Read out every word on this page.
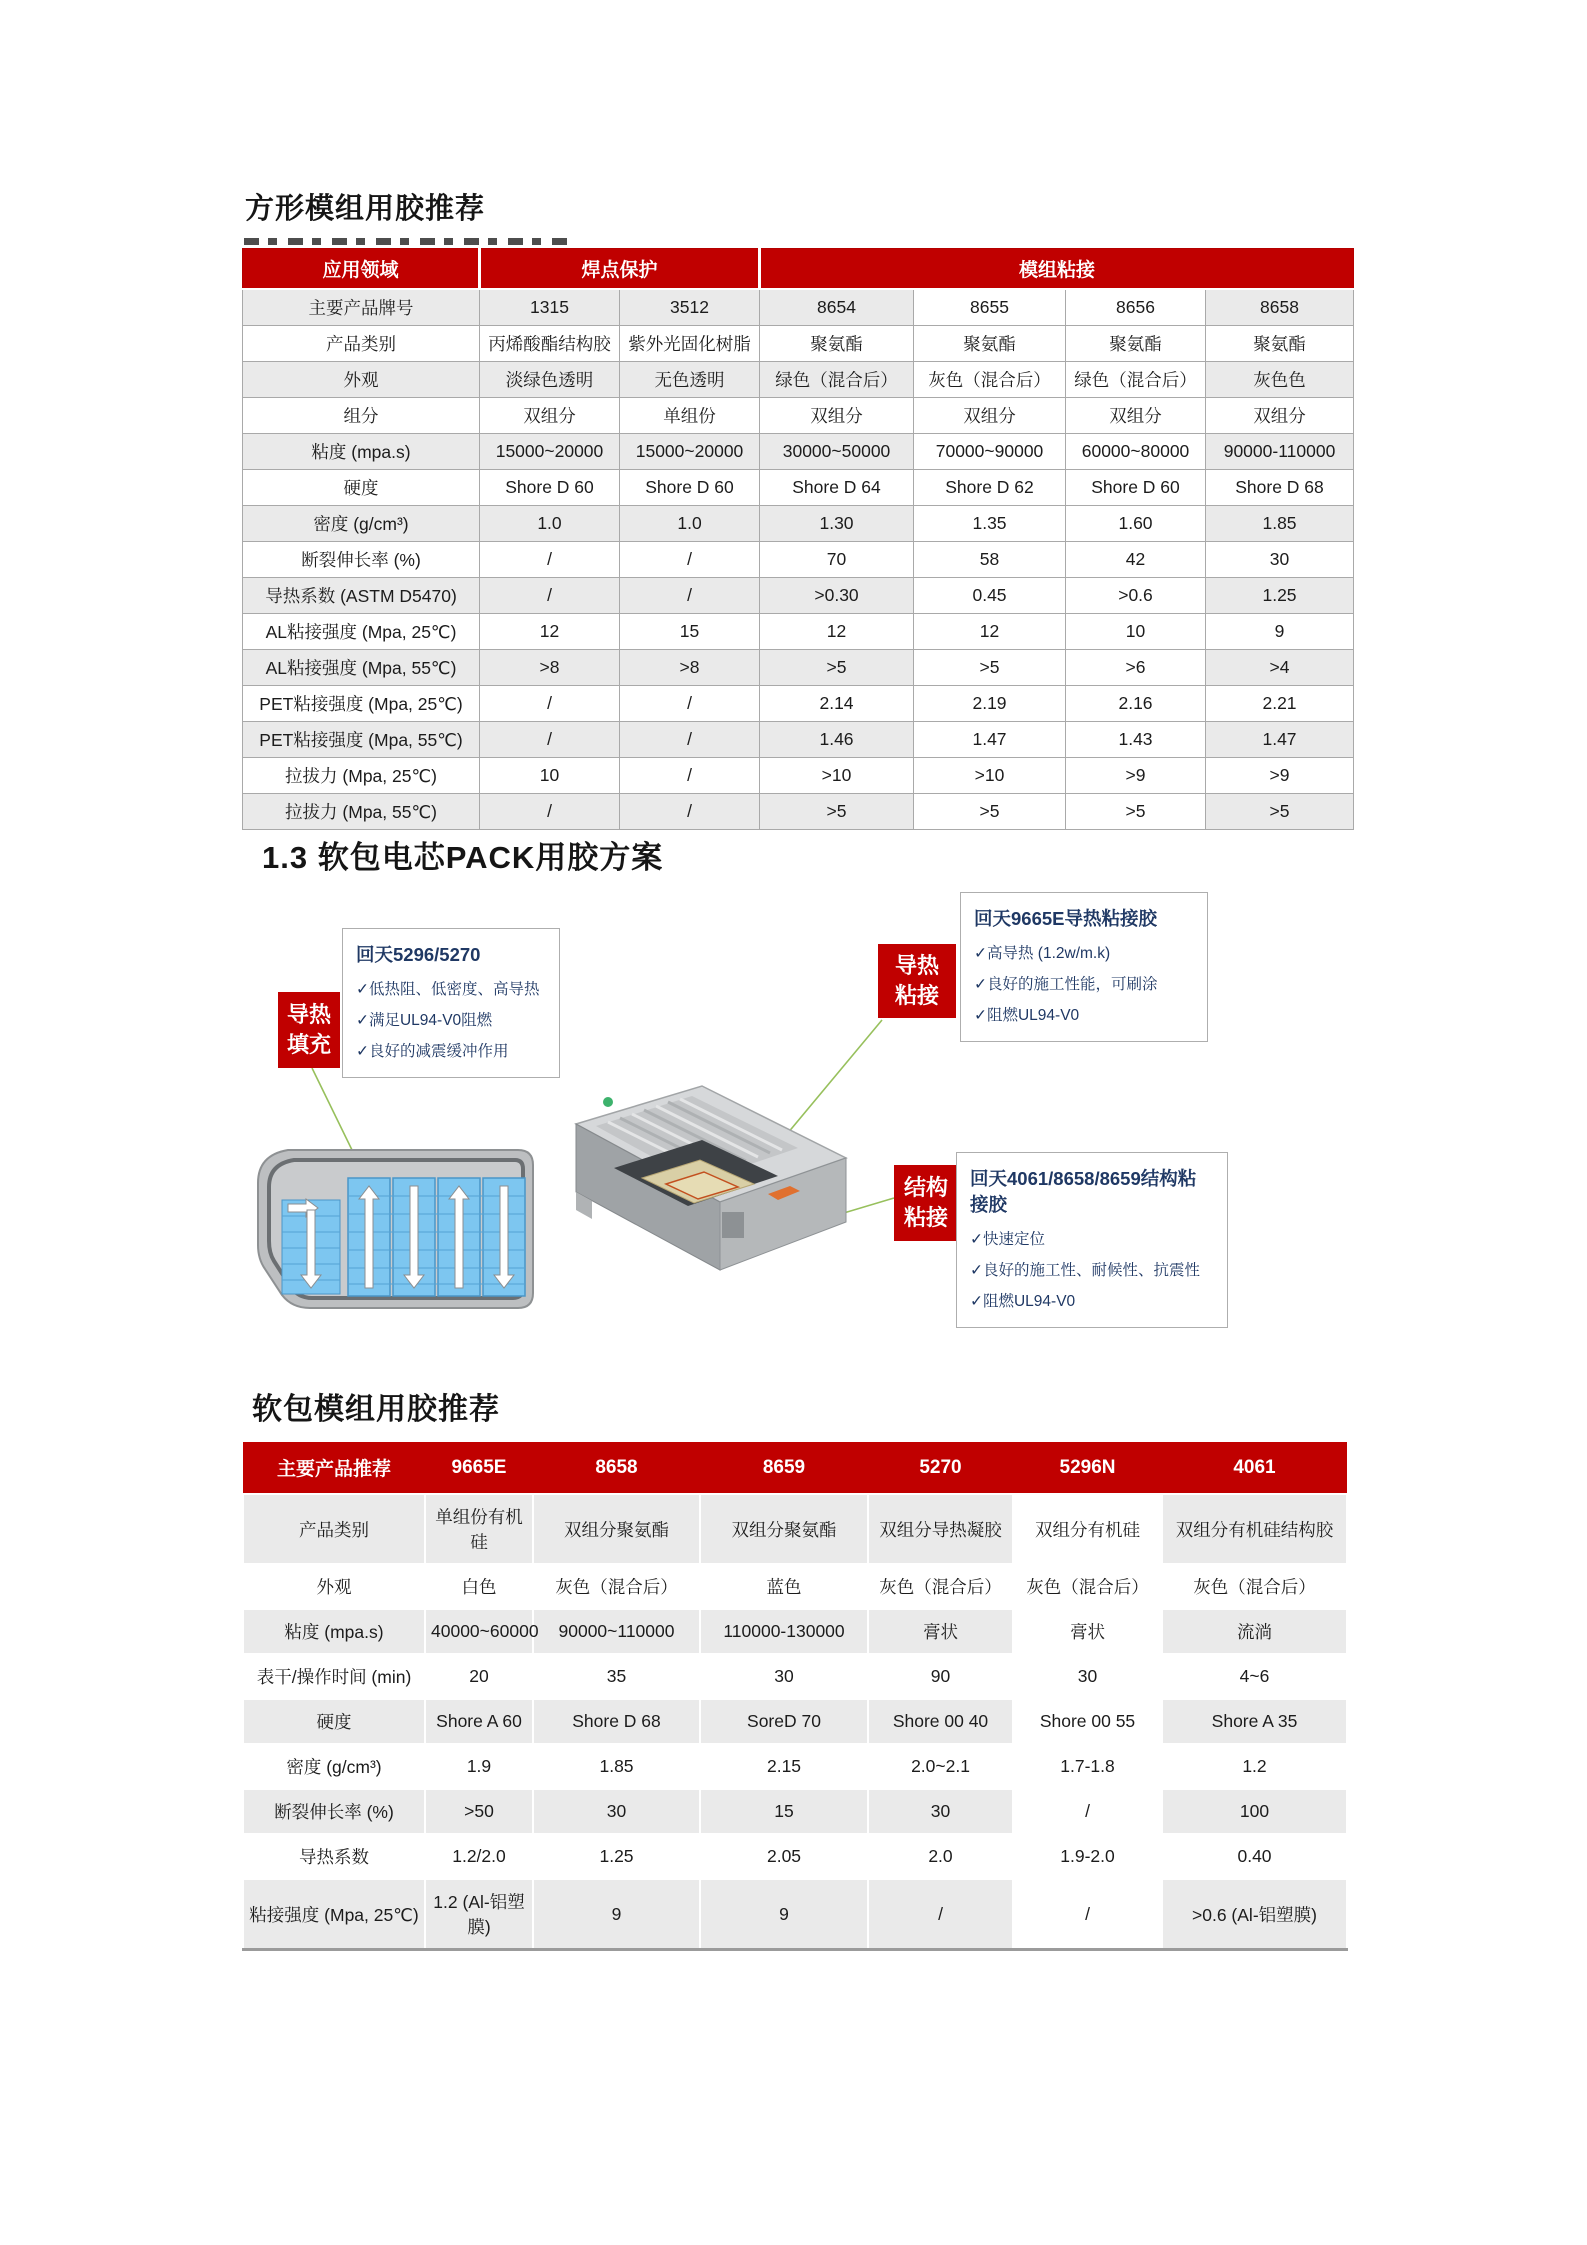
方形模组用胶推荐
应用领域	焊点保护		模组粘接			
主要产品牌号	1315	3512	8654	8655	8656	8658
产品类别	丙烯酸酯结构胶	紫外光固化树脂	聚氨酯	聚氨酯	聚氨酯	聚氨酯
外观	淡绿色透明	无色透明	绿色（混合后）	灰色（混合后）	绿色（混合后）	灰色色
组分	双组分	单组份	双组分	双组分	双组分	双组分
粘度 (mpa.s)	15000~20000	15000~20000	30000~50000	70000~90000	60000~80000	90000-110000
硬度	Shore D 60	Shore D 60	Shore D 64	Shore D 62	Shore D 60	Shore D 68
密度 (g/cm³)	1.0	1.0	1.30	1.35	1.60	1.85
断裂伸长率 (%)	/	/	70	58	42	30
导热系数 (ASTM D5470)	/	/	>0.30	0.45	>0.6	1.25
AL粘接强度 (Mpa, 25℃)	12	15	12	12	10	9
AL粘接强度 (Mpa, 55℃)	>8	>8	>5	>5	>6	>4
PET粘接强度 (Mpa, 25℃)	/	/	2.14	2.19	2.16	2.21
PET粘接强度 (Mpa, 55℃)	/	/	1.46	1.47	1.43	1.47
拉拔力 (Mpa, 25℃)	10	/	>10	>10	>9	>9
拉拔力 (Mpa, 55℃)	/	/	>5	>5	>5	>5
1.3 软包电芯PACK用胶方案
导热
填充
导热
粘接
结构
粘接
回天5296/5270
✓低热阻、低密度、高导热
✓满足UL94-V0阻燃
✓良好的减震缓冲作用
回天9665E导热粘接胶
✓高导热 (1.2w/m.k)
✓良好的施工性能，可刷涂
✓阻燃UL94-V0
回天4061/8658/8659结构粘接胶
✓快速定位
✓良好的施工性、耐候性、抗震性
✓阻燃UL94-V0
软包模组用胶推荐
主要产品推荐	9665E	8658	8659	5270	5296N	4061
产品类别	单组份有机硅	双组分聚氨酯	双组分聚氨酯	双组分导热凝胶	双组分有机硅	双组分有机硅结构胶
外观	白色	灰色（混合后）	蓝色	灰色（混合后）	灰色（混合后）	灰色（混合后）
粘度 (mpa.s)	40000~60000	90000~110000	110000-130000	膏状	膏状	流淌
表干/操作时间 (min)	20	35	30	90	30	4~6
硬度	Shore A 60	Shore D 68	SoreD 70	Shore 00 40	Shore 00 55	Shore A 35
密度 (g/cm³)	1.9	1.85	2.15	2.0~2.1	1.7-1.8	1.2
断裂伸长率 (%)	>50	30	15	30	/	100
导热系数	1.2/2.0	1.25	2.05	2.0	1.9-2.0	0.40
粘接强度 (Mpa, 25℃)	1.2 (Al-铝塑膜)	9	9	/	/	>0.6 (Al-铝塑膜)
